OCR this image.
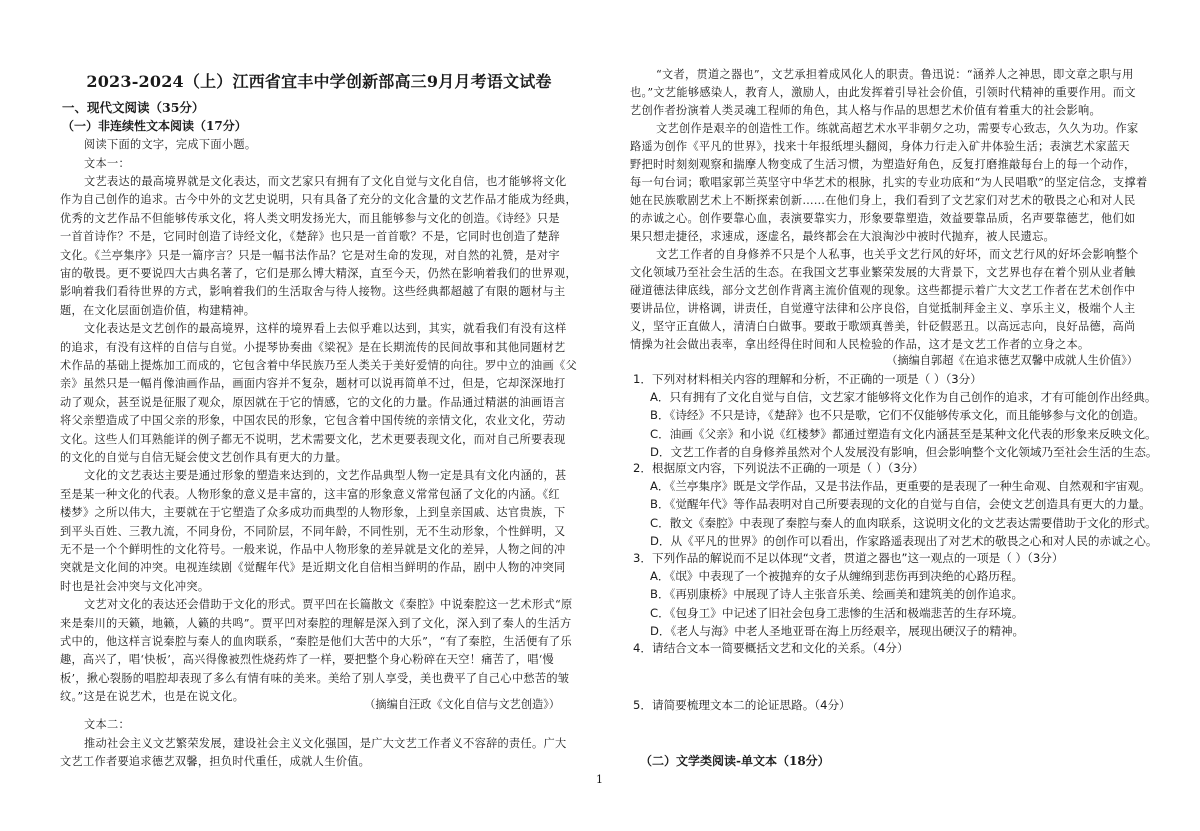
2023-2024（上）江西省宜丰中学创新部高三9月月考语文试卷
一、现代文阅读（35分）
（一）非连续性文本阅读（17分）
阅读下面的文字，完成下面小题。
文本一：
文艺表达的最高境界就是文化表达，而文艺家只有拥有了文化自觉与文化自信，也才能够将文化
作为自己创作的追求。古今中外的文艺史说明，只有具备了充分的文化含量的文艺作品才能成为经典，
优秀的文艺作品不但能够传承文化，将人类文明发扬光大，而且能够参与文化的创造。《诗经》只是
一首首诗作？不是，它同时创造了诗经文化，《楚辞》也只是一首首歌？不是，它同时也创造了楚辞
文化。《兰亭集序》只是一篇序言？只是一幅书法作品？它是对生命的发现，对自然的礼赞，是对宇
宙的敬畏。更不要说四大古典名著了，它们是那么博大精深，直至今天，仍然在影响着我们的世界观，
影响着我们看待世界的方式，影响着我们的生活取舍与待人接物。这些经典都超越了有限的题材与主
题，在文化层面创造价值，构建精神。
文化表达是文艺创作的最高境界，这样的境界看上去似乎难以达到，其实，就看我们有没有这样
的追求，有没有这样的自信与自觉。小提琴协奏曲《梁祝》是在长期流传的民间故事和其他同题材艺
术作品的基础上提炼加工而成的，它包含着中华民族乃至人类关于美好爱情的向往。罗中立的油画《父
亲》虽然只是一幅肖像油画作品，画面内容并不复杂，题材可以说再简单不过，但是，它却深深地打
动了观众，甚至说是征服了观众，原因就在于它的情感，它的文化的力量。作品通过精湛的油画语言
将父亲塑造成了中国父亲的形象，中国农民的形象，它包含着中国传统的亲情文化，农业文化，劳动
文化。这些人们耳熟能详的例子都无不说明，艺术需要文化，艺术更要表现文化，而对自己所要表现
的文化的自觉与自信无疑会使文艺创作具有更大的力量。
文化的文艺表达主要是通过形象的塑造来达到的，文艺作品典型人物一定是具有文化内涵的，甚
至是某一种文化的代表。人物形象的意义是丰富的，这丰富的形象意义常常包涵了文化的内涵。《红
楼梦》之所以伟大，主要就在于它塑造了众多成功而典型的人物形象，上到皇亲国戚、达官贵族，下
到平头百姓、三教九流，不同身份，不同阶层，不同年龄，不同性别，无不生动形象，个性鲜明，又
无不是一个个鲜明性的文化符号。一般来说，作品中人物形象的差异就是文化的差异，人物之间的冲
突就是文化间的冲突。电视连续剧《觉醒年代》是近期文化自信相当鲜明的作品，剧中人物的冲突同
时也是社会冲突与文化冲突。
文艺对文化的表达还会借助于文化的形式。贾平凹在长篇散文《秦腔》中说秦腔这一艺术形式“原
来是秦川的天籁，地籁，人籁的共鸣”。贾平凹对秦腔的理解是深入到了文化，深入到了秦人的生活方
式中的，他这样言说秦腔与秦人的血肉联系，“秦腔是他们大苦中的大乐”，“有了秦腔，生活便有了乐
趣，高兴了，唱‘快板’，高兴得像被烈性烧药炸了一样，要把整个身心粉碎在天空！痛苦了，唱‘慢
板’，揪心裂肠的唱腔却表现了多么有情有味的美来。美给了别人享受，美也费平了自己心中愁苦的皱
纹。”这是在说艺术，也是在说文化。
（摘编自汪政《文化自信与文艺创造》）
文本二：
推动社会主义文艺繁荣发展，建设社会主义文化强国，是广大文艺工作者义不容辞的责任。广大
文艺工作者要追求德艺双馨，担负时代重任，成就人生价值。
“文者，贯道之器也”，文艺承担着成风化人的职责。鲁迅说：“涵养人之神思，即文章之职与用
也。”文艺能够感染人，教育人，激励人，由此发挥着引导社会价值，引领时代精神的重要作用。而文
艺创作者扮演着人类灵魂工程师的角色，其人格与作品的思想艺术价值有着重大的社会影响。
文艺创作是艰辛的创造性工作。练就高超艺术水平非朝夕之功，需要专心致志，久久为功。作家
路遥为创作《平凡的世界》，找来十年报纸埋头翻阅，身体力行走入矿井体验生活；表演艺术家蓝天
野把时时刻刻观察和揣摩人物变成了生活习惯，为塑造好角色，反复打磨推敲每台上的每一个动作，
每一句台词；歌唱家郭兰英坚守中华艺术的根脉，扎实的专业功底和“为人民唱歌”的坚定信念，支撑着
她在民族歌剧艺术上不断探索创新……在他们身上，我们看到了文艺家们对艺术的敬畏之心和对人民
的赤诚之心。创作要靠心血，表演要靠实力，形象要靠塑造，效益要靠品质，名声要靠德艺，他们如
果只想走捷径，求速成，逐虚名，最终都会在大浪淘沙中被时代抛弃，被人民遗忘。
文艺工作者的自身修养不只是个人私事，也关乎文艺行风的好坏，而文艺行风的好坏会影响整个
文化领域乃至社会生活的生态。在我国文艺事业繁荣发展的大背景下，文艺界也存在着个别从业者触
碰道德法律底线，部分文艺创作背离主流价值观的现象。这些都提示着广大文艺工作者在艺术创作中
要讲品位，讲格调，讲责任，自觉遵守法律和公序良俗，自觉抵制拜金主义、享乐主义，极端个人主
义，坚守正直做人，清清白白做事。要敢于歌颂真善美，针砭假恶丑。以高远志向，良好品德，高尚
情操为社会做出表率，拿出经得住时间和人民检验的作品，这才是文艺工作者的立身之本。
（摘编自郭超《在追求德艺双馨中成就人生价值》）
1．下列对材料相关内容的理解和分析，不正确的一项是（ ）（3分）
A．只有拥有了文化自觉与自信，文艺家才能够将文化作为自己创作的追求，才有可能创作出经典。
B．《诗经》不只是诗，《楚辞》也不只是歌，它们不仅能够传承文化，而且能够参与文化的创造。
C．油画《父亲》和小说《红楼梦》都通过塑造有文化内涵甚至是某种文化代表的形象来反映文化。
D．文艺工作者的自身修养虽然对个人发展没有影响，但会影响整个文化领域乃至社会生活的生态。
2．根据原文内容，下列说法不正确的一项是（ ）（3分）
A．《兰亭集序》既是文学作品，又是书法作品，更重要的是表现了一种生命观、自然观和宇宙观。
B．《觉醒年代》等作品表明对自己所要表现的文化的自觉与自信，会使文艺创造具有更大的力量。
C．散文《秦腔》中表现了秦腔与秦人的血肉联系，这说明文化的文艺表达需要借助于文化的形式。
D．从《平凡的世界》的创作可以看出，作家路遥表现出了对艺术的敬畏之心和对人民的赤诚之心。
3．下列作品的解说而不足以体现“文者，贯道之器也”这一观点的一项是（ ）（3分）
A．《氓》中表现了一个被抛弃的女子从缠绵到悲伤再到决绝的心路历程。
B．《再别康桥》中展现了诗人主张音乐美、绘画美和建筑美的创作追求。
C．《包身工》中记述了旧社会包身工悲惨的生活和极端悲苦的生存环境。
D．《老人与海》中老人圣地亚哥在海上历经艰辛，展现出硬汉子的精神。
4．请结合文本一简要概括文艺和文化的关系。（4分）
5．请简要梳理文本二的论证思路。（4分）
（二）文学类阅读-单文本（18分）
1
